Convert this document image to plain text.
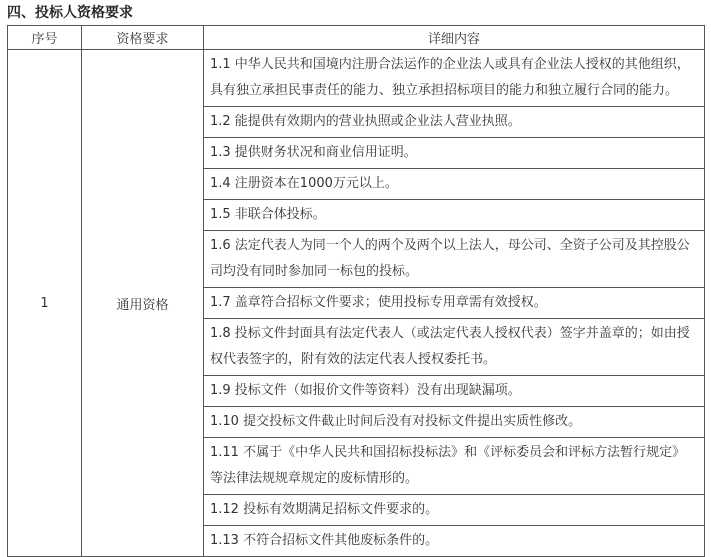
四、投标人资格要求
序号	资格要求	详细内容
1	通用资格	1.1 中华人民共和国境内注册合法运作的企业法人或具有企业法人授权的其他组织，具有独立承担民事责任的能力、独立承担招标项目的能力和独立履行合同的能力。
		1.2 能提供有效期内的营业执照或企业法人营业执照。
		1.3 提供财务状况和商业信用证明。
		1.4 注册资本在1000万元以上。
		1.5 非联合体投标。
		1.6 法定代表人为同一个人的两个及两个以上法人，母公司、全资子公司及其控股公司均没有同时参加同一标包的投标。
		1.7 盖章符合招标文件要求；使用投标专用章需有效授权。
		1.8 投标文件封面具有法定代表人（或法定代表人授权代表）签字并盖章的；如由授权代表签字的，附有效的法定代表人授权委托书。
		1.9 投标文件（如报价文件等资料）没有出现缺漏项。
		1.10 提交投标文件截止时间后没有对投标文件提出实质性修改。
		1.11 不属于《中华人民共和国招标投标法》和《评标委员会和评标方法暂行规定》等法律法规规章规定的废标情形的。
		1.12 投标有效期满足招标文件要求的。
		1.13 不符合招标文件其他废标条件的。
